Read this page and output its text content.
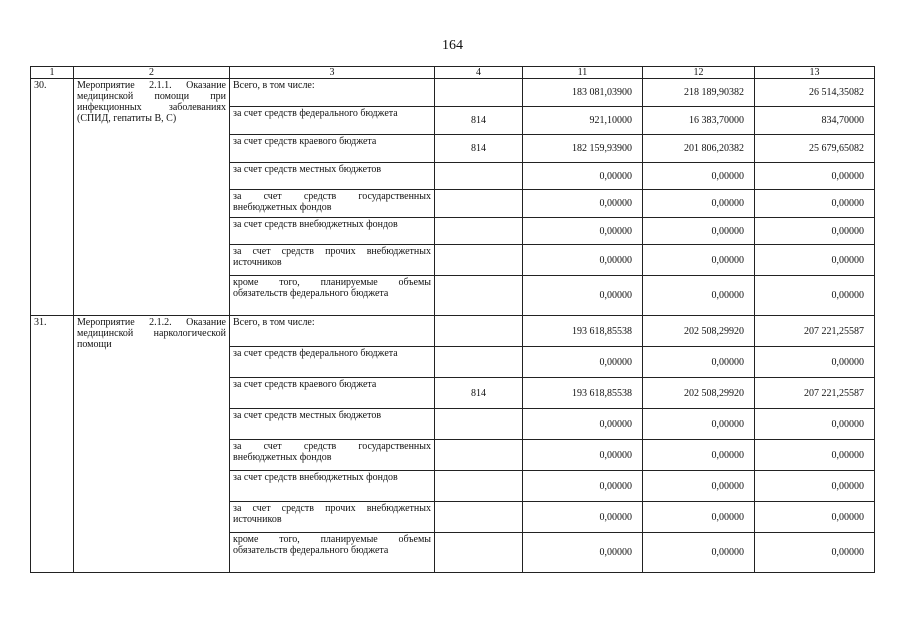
164
1	2	3	4	11	12	13
30.	Мероприятие 2.1.1. Оказание медицинской помощи при инфекционных заболеваниях (СПИД, гепатиты В, С)	Всего, в том числе:		183 081,03900	218 189,90382	26 514,35082
		за счет средств федерального бюджета	814	921,10000	16 383,70000	834,70000
		за счет средств краевого бюджета	814	182 159,93900	201 806,20382	25 679,65082
		за счет средств местных бюджетов		0,00000	0,00000	0,00000
		за счет средств государственных внебюджетных фондов		0,00000	0,00000	0,00000
		за счет средств внебюджетных фондов		0,00000	0,00000	0,00000
		за счет средств прочих внебюджетных источников		0,00000	0,00000	0,00000
		кроме того, планируемые объемы обязательств федерального бюджета		0,00000	0,00000	0,00000
31.	Мероприятие 2.1.2. Оказание медицинской наркологической помощи	Всего, в том числе:		193 618,85538	202 508,29920	207 221,25587
		за счет средств федерального бюджета		0,00000	0,00000	0,00000
		за счет средств краевого бюджета	814	193 618,85538	202 508,29920	207 221,25587
		за счет средств местных бюджетов		0,00000	0,00000	0,00000
		за счет средств государственных внебюджетных фондов		0,00000	0,00000	0,00000
		за счет средств внебюджетных фондов		0,00000	0,00000	0,00000
		за счет средств прочих внебюджетных источников		0,00000	0,00000	0,00000
		кроме того, планируемые объемы обязательств федерального бюджета		0,00000	0,00000	0,00000
